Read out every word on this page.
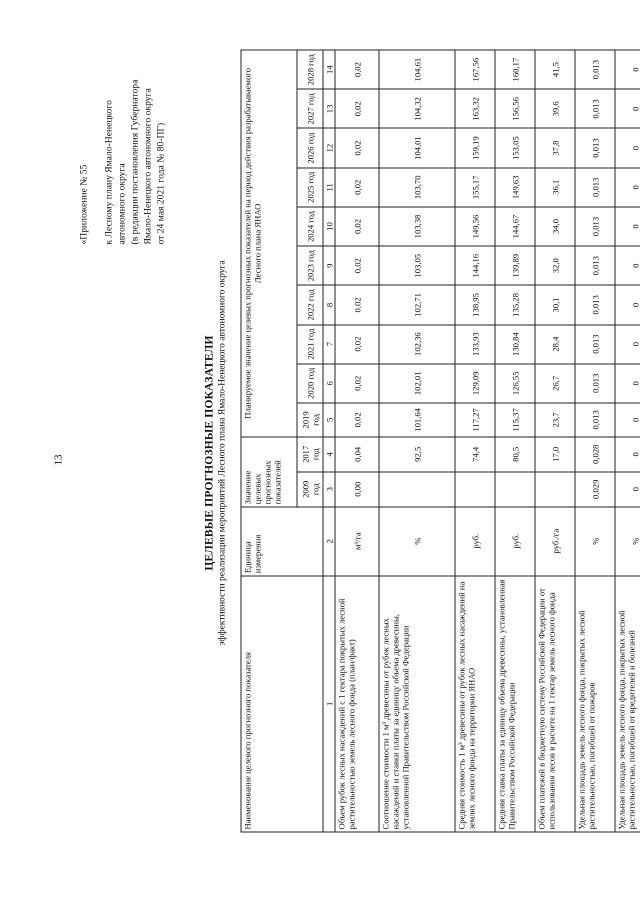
13
«Приложение № 55 к Лесному плану Ямало-Ненецкого автономного округа (в редакции постановления Губернатора Ямало-Ненецкого автономного округа от 24 мая 2021 года № 80-ПГ)
ЦЕЛЕВЫЕ ПРОГНОЗНЫЕ ПОКАЗАТЕЛИ эффективности реализации мероприятий Лесного плана Ямало-Ненецкого автономного округа
Наименование целевого прогнозного показателя	Единица измерения	Значение целевых прогнозных показателей		Планируемое значение целевых прогнозных показателей на период действия разрабатываемого Лесного плана ЯНАО									
		2009 год	2017 год	2019 год	2020 год	2021 год	2022 год	2023 год	2024 год	2025 год	2026 год	2027 год	2028 год
1	2	3	4	5	6	7	8	9	10	11	12	13	14
Объем рубок лесных насаждений с 1 гектара покрытых лесной растительностью земель лесного фонда (план/факт)	м³/га	0,00	0,04	0,02	0,02	0,02	0,02	0,02	0,02	0,02	0,02	0,02	0,02
Соотношение стоимости 1 м³ древесины от рубок лесных насаждений и ставки платы за единицу объема древесины, установленной Правительством Российской Федерации	%		92,5	101,64	102,01	102,36	102,71	103,05	103,38	103,70	104,01	104,32	104,61
Средняя стоимость 1 м³ древесины от рубок лесных насаждений на землях лесного фонда на территории ЯНАО	руб.		74,4	117,27	129,09	133,93	138,95	144,16	149,56	155,17	159,19	163,32	167,56
Средняя ставка платы за единицу объема древесины, установленная Правительством Российской Федерации	руб.		80,5	115,37	126,55	130,84	135,28	139,89	144,67	149,63	153,05	156,56	160,17
Объем платежей в бюджетную систему Российской Федерации от использования лесов в расчете на 1 гектар земель лесного фонда	руб./га		17,0	23,7	26,7	28,4	30,1	32,0	34,0	36,1	37,8	39,6	41,5
Удельная площадь земель лесного фонда, покрытых лесной растительностью, погибшей от пожаров	%	0,029	0,028	0,013	0,013	0,013	0,013	0,013	0,013	0,013	0,013	0,013	0,013
Удельная площадь земель лесного фонда, покрытых лесной растительностью, погибшей от вредителей и болезней	%	0	0	0	0	0	0	0	0	0	0	0	0
